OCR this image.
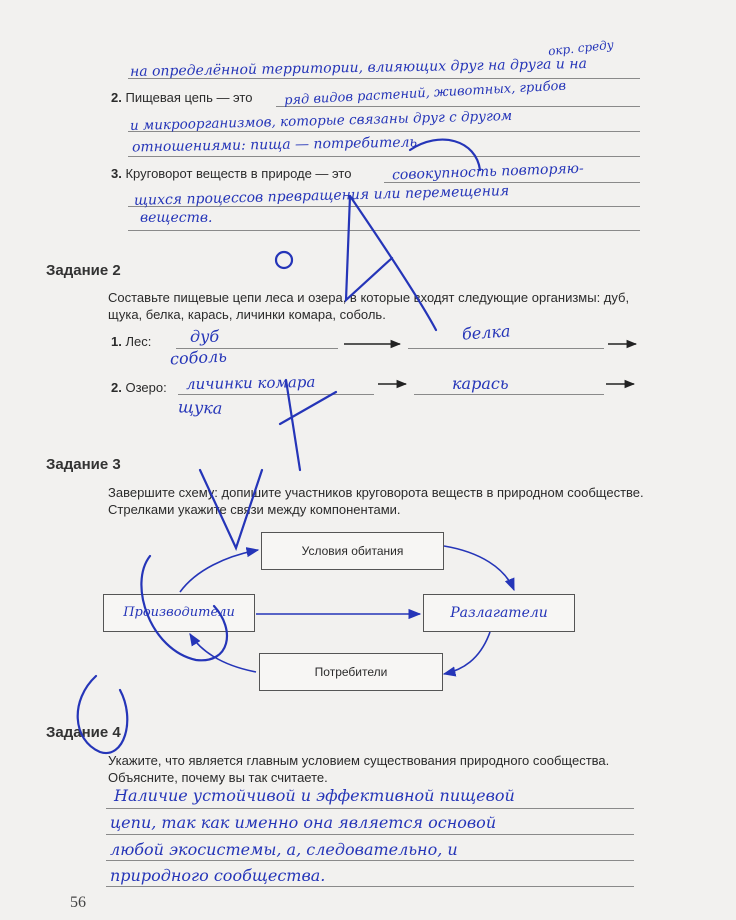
на определённой территории, влияющих друг на друга и на
окр. среду
2. Пищевая цепь — это ряд видов растений, животных, грибов
и микроорганизмов, которые связаны друг с другом
отношениями: пища — потребитель
3. Круговорот веществ в природе — это	совокупность повторяю-
щихся процессов превращения или перемещения
веществ.
Задание 2
Составьте пищевые цепи леса и озера, в которые входят следующие организмы: дуб, щука, белка, карась, личинки комара, соболь.
1. Лес: дуб	белка
соболь
2. Озеро: личинки комара	карась
щука
Задание 3
Завершите схему: допишите участников круговорота веществ в природном сообществе. Стрелками укажите связи между компонентами.
Условия обитания
Производители	Разлагатели
Потребители
Задание 4
Укажите, что является главным условием существования природного сообщества. Объясните, почему вы так считаете.
Наличие устойчивой и эффективной пищевой
цепи, так как именно она является основой
любой экосистемы, а, следовательно, и
природного сообщества.
56
